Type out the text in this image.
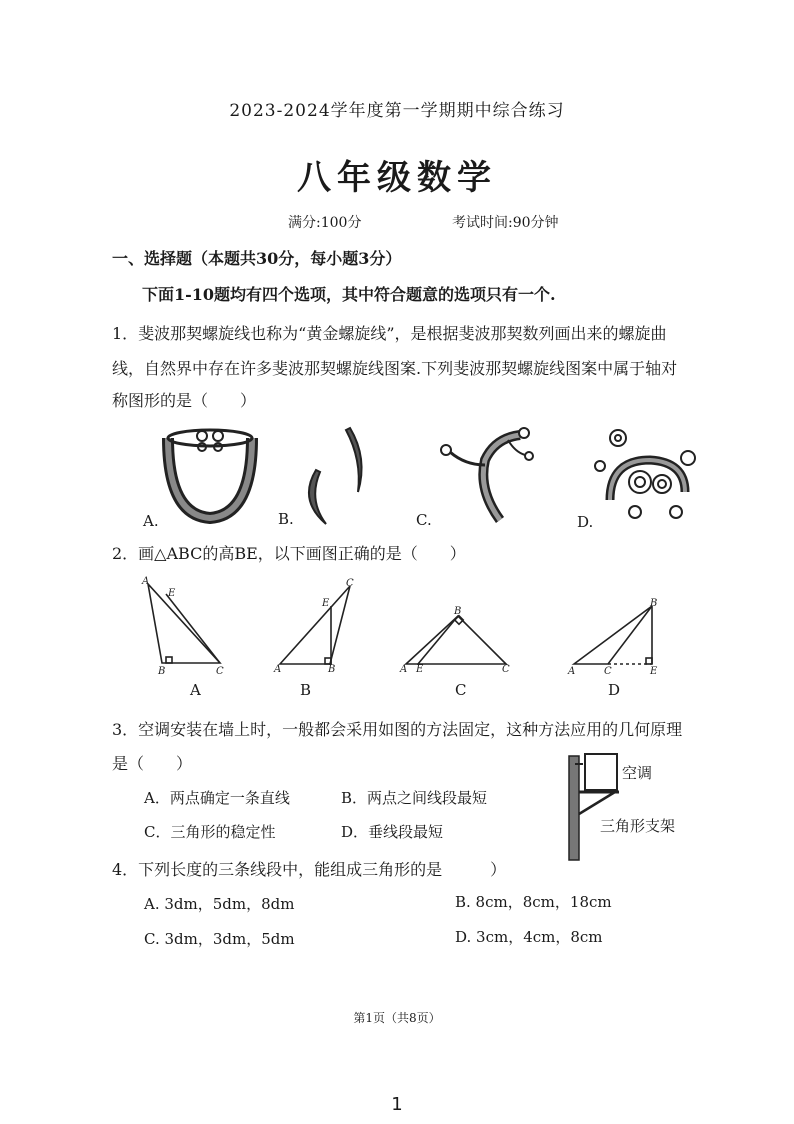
2023-2024学年度第一学期期中综合练习
八年级数学
满分:100分	考试时间:90分钟
一、选择题（本题共30分，每小题3分）
下面1-10题均有四个选项，其中符合题意的选项只有一个.
1．斐波那契螺旋线也称为“黄金螺旋线”，是根据斐波那契数列画出来的螺旋曲
线，自然界中存在许多斐波那契螺旋线图案.下列斐波那契螺旋线图案中属于轴对
称图形的是（　　）
A.	B.	C.	D.
2．画△ABC的高BE，以下画图正确的是（　　）
A
E
B	C
C
E
A	B
B
A E	C
B
A	C	E
A	B	C	D
3．空调安装在墙上时，一般都会采用如图的方法固定，这种方法应用的几何原理
是（　　）
A．两点确定一条直线	B．两点之间线段最短
C．三角形的稳定性	D．垂线段最短
空调
三角形支架
4．下列长度的三条线段中，能组成三角形的是　　　）
A. 3dm，5dm，8dm	B. 8cm，8cm，18cm
C. 3dm，3dm，5dm	D. 3cm，4cm，8cm
第1页（共8页）
1
